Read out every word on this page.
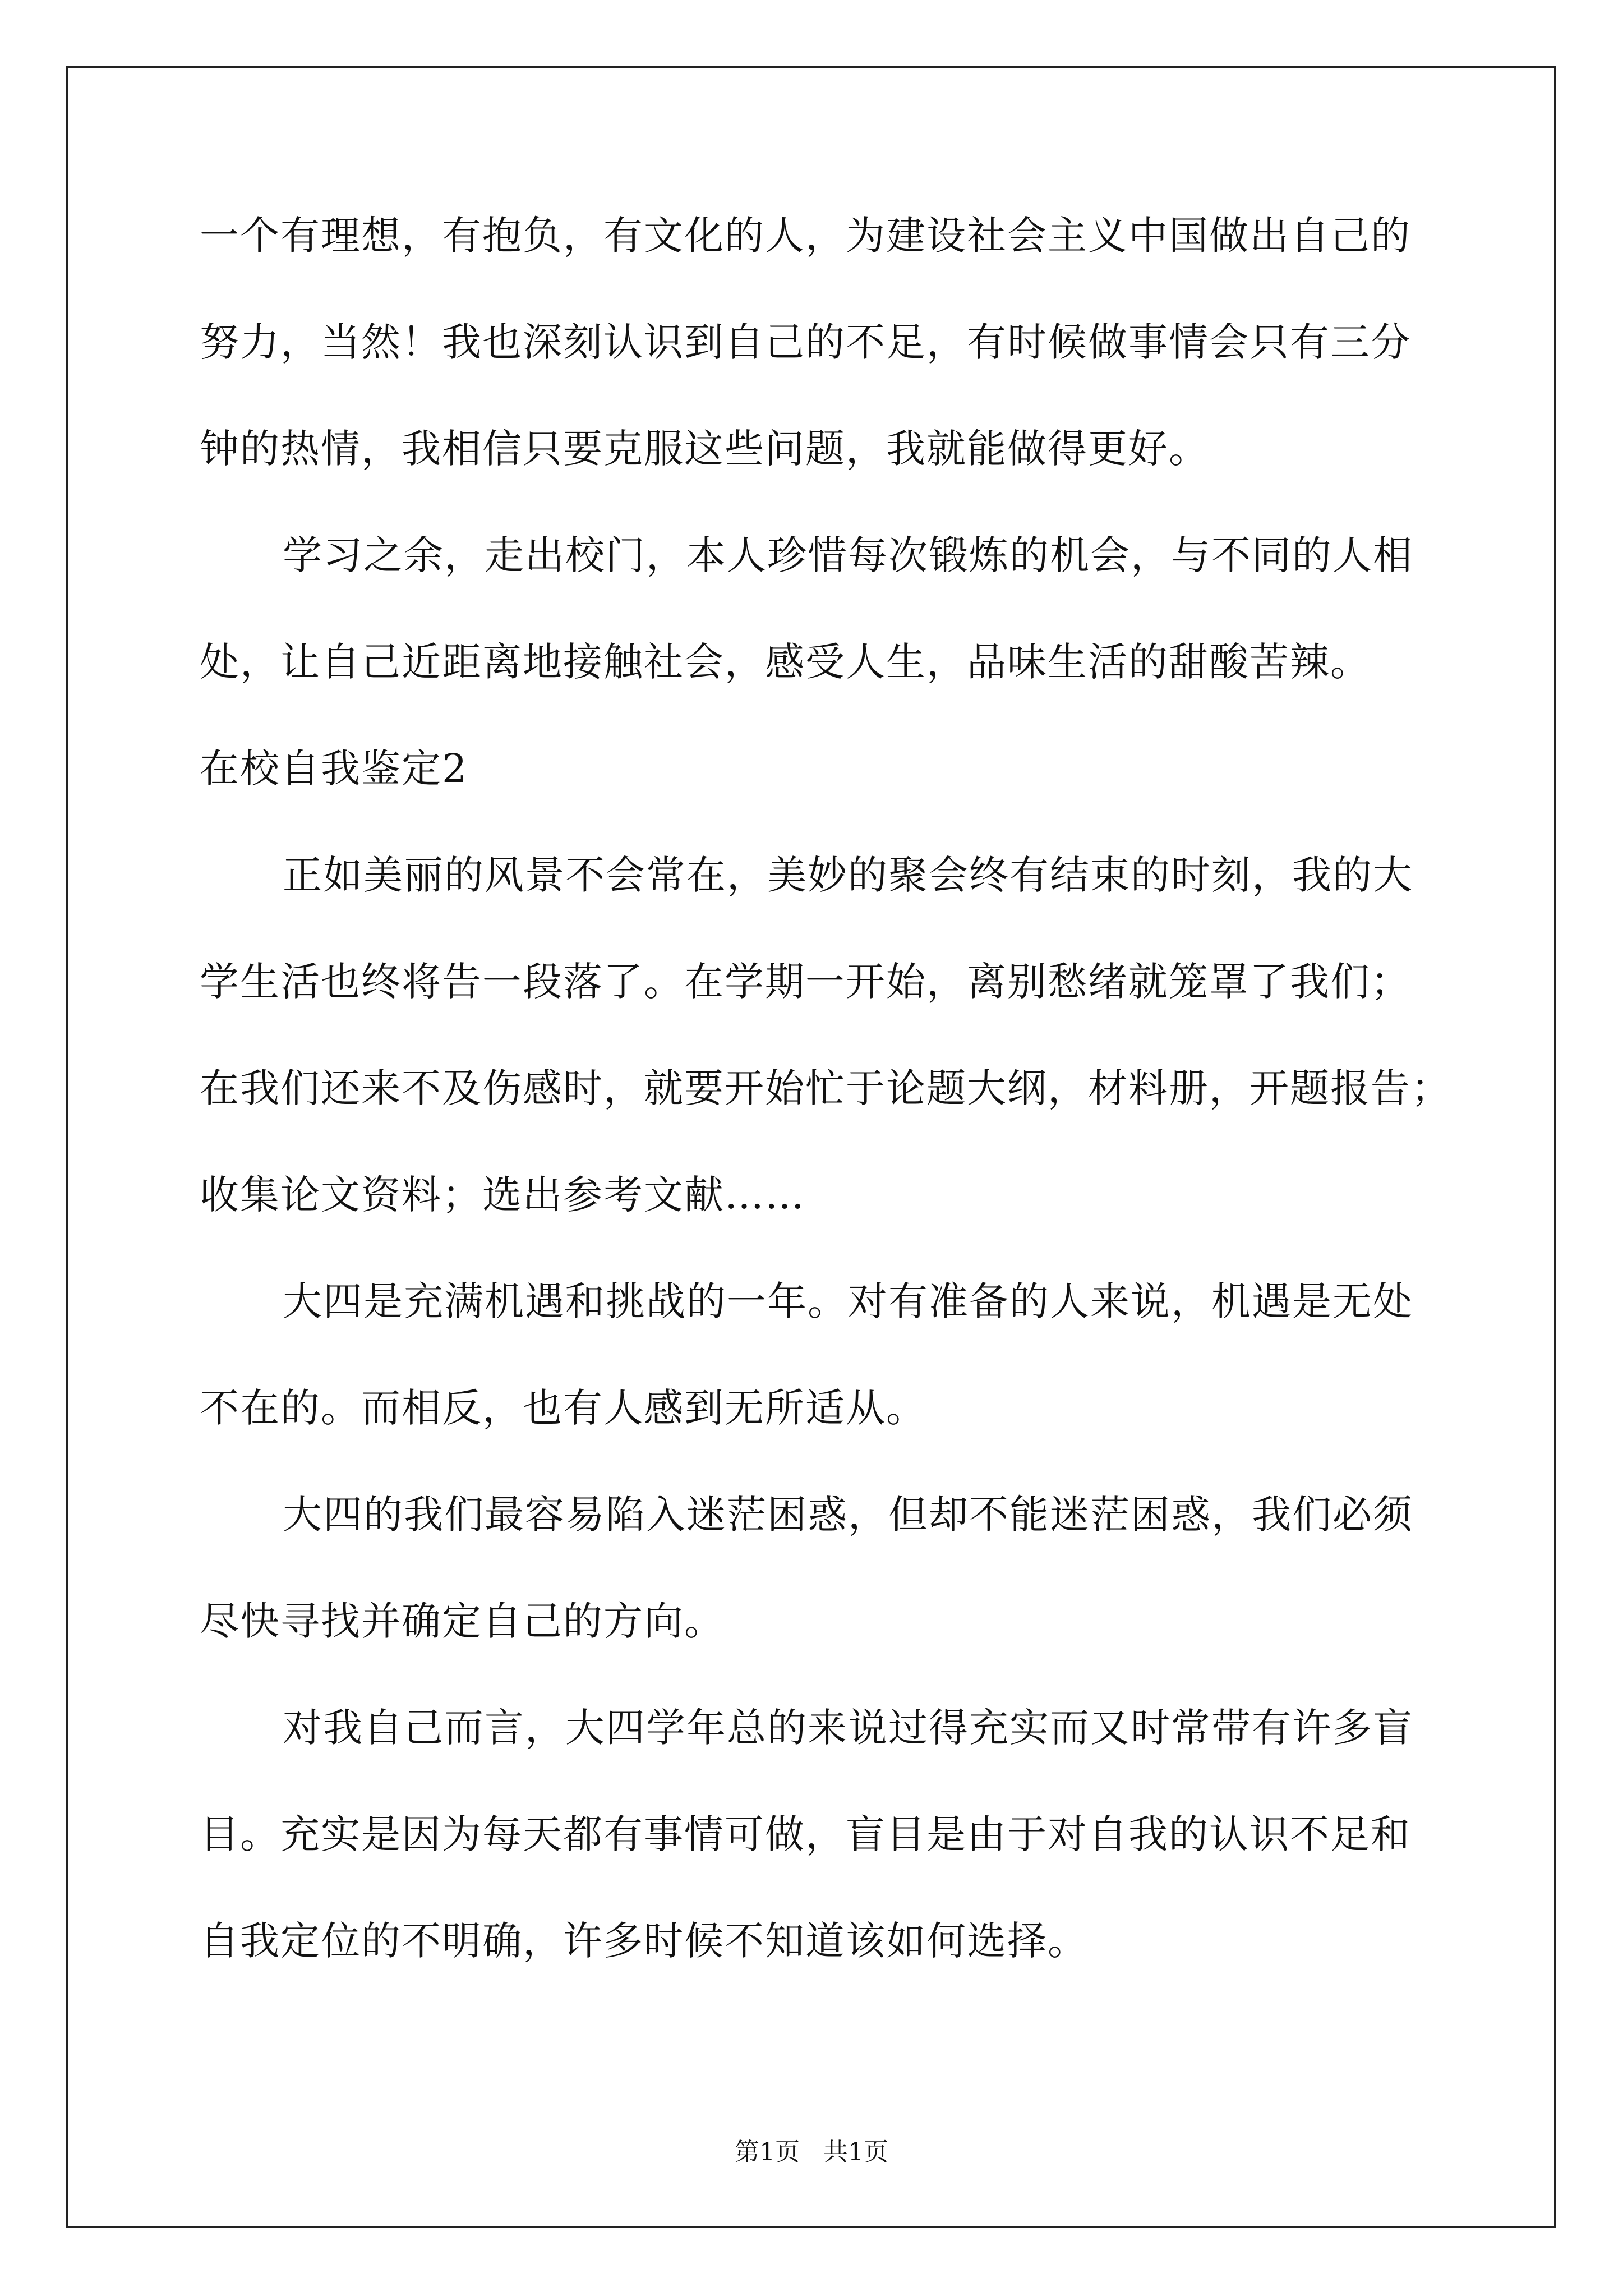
一个有理想，有抱负，有文化的人，为建设社会主义中国做出自己的

努力，当然！我也深刻认识到自己的不足，有时候做事情会只有三分

钟的热情，我相信只要克服这些问题，我就能做得更好。

学习之余，走出校门，本人珍惜每次锻炼的机会，与不同的人相

处，让自己近距离地接触社会，感受人生，品味生活的甜酸苦辣。

在校自我鉴定2

正如美丽的风景不会常在，美妙的聚会终有结束的时刻，我的大

学生活也终将告一段落了。在学期一开始，离别愁绪就笼罩了我们；

在我们还来不及伤感时，就要开始忙于论题大纲，材料册，开题报告；

收集论文资料；选出参考文献……

大四是充满机遇和挑战的一年。对有准备的人来说，机遇是无处

不在的。而相反，也有人感到无所适从。

大四的我们最容易陷入迷茫困惑，但却不能迷茫困惑，我们必须

尽快寻找并确定自己的方向。

对我自己而言，大四学年总的来说过得充实而又时常带有许多盲

目。充实是因为每天都有事情可做，盲目是由于对自我的认识不足和

自我定位的不明确，许多时候不知道该如何选择。

第1页 共1页
